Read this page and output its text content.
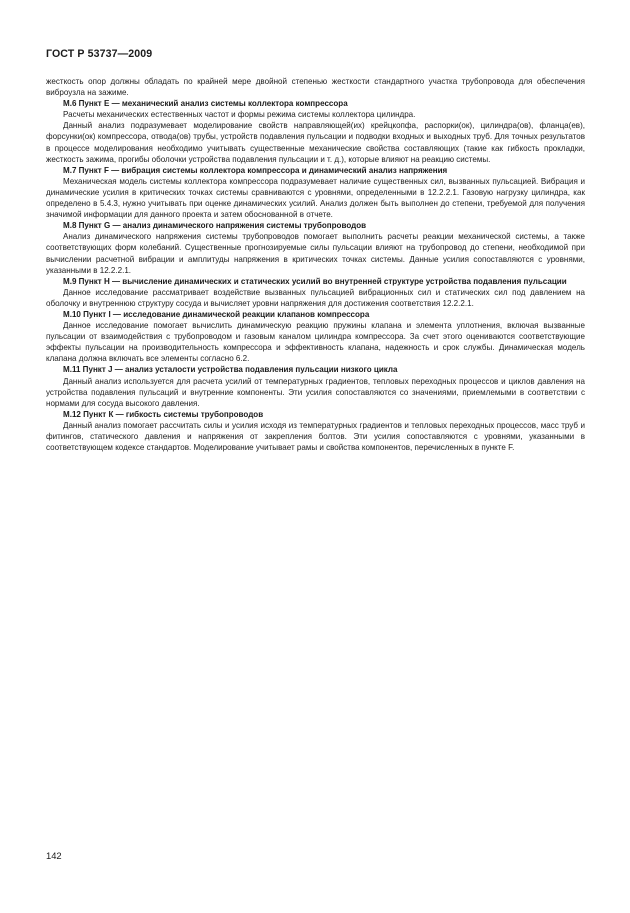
ГОСТ Р 53737—2009

жесткость опор должны обладать по крайней мере двойной степенью жесткости стандартного участка трубопровода для обеспечения виброузла на зажиме.

М.6 Пункт Е — механический анализ системы коллектора компрессора

Расчеты механических естественных частот и формы режима системы коллектора цилиндра.

Данный анализ подразумевает моделирование свойств направляющей(их) крейцкопфа, распорки(ок), цилиндра(ов), фланца(ев), форсунки(ок) компрессора, отвода(ов) трубы, устройств подавления пульсации и подводки входных и выходных труб. Для точных результатов в процессе моделирования необходимо учитывать существенные механические свойства составляющих (такие как гибкость прокладки, жесткость зажима, прогибы оболочки устройства подавления пульсации и т. д.), которые влияют на реакцию системы.

М.7 Пункт F — вибрация системы коллектора компрессора и динамический анализ напряжения

Механическая модель системы коллектора компрессора подразумевает наличие существенных сил, вызванных пульсацией. Вибрация и динамические усилия в критических точках системы сравниваются с уровнями, определенными в 12.2.2.1. Газовую нагрузку цилиндра, как определено в 5.4.3, нужно учитывать при оценке динамических усилий. Анализ должен быть выполнен до степени, требуемой для получения значимой информации для данного проекта и затем обоснованной в отчете.

М.8 Пункт G — анализ динамического напряжения системы трубопроводов

Анализ динамического напряжения системы трубопроводов помогает выполнить расчеты реакции механической системы, а также соответствующих форм колебаний. Существенные прогнозируемые силы пульсации влияют на трубопровод до степени, необходимой при вычислении расчетной вибрации и амплитуды напряжения в критических точках системы. Данные усилия сопоставляются с уровнями, указанными в 12.2.2.1.

М.9 Пункт Н — вычисление динамических и статических усилий во внутренней структуре устройства подавления пульсации

Данное исследование рассматривает воздействие вызванных пульсацией вибрационных сил и статических сил под давлением на оболочку и внутреннюю структуру сосуда и вычисляет уровни напряжения для достижения соответствия 12.2.2.1.

М.10 Пункт I — исследование динамической реакции клапанов компрессора

Данное исследование помогает вычислить динамическую реакцию пружины клапана и элемента уплотнения, включая вызванные пульсации от взаимодействия с трубопроводом и газовым каналом цилиндра компрессора. За счет этого оцениваются соответствующие эффекты пульсации на производительность компрессора и эффективность клапана, надежность и срок службы. Динамическая модель клапана должна включать все элементы согласно 6.2.

М.11 Пункт J — анализ усталости устройства подавления пульсации низкого цикла

Данный анализ используется для расчета усилий от температурных градиентов, тепловых переходных процессов и циклов давления на устройства подавления пульсаций и внутренние компоненты. Эти усилия сопоставляются со значениями, приемлемыми в соответствии с нормами для сосуда высокого давления.

М.12 Пункт К — гибкость системы трубопроводов

Данный анализ помогает рассчитать силы и усилия исходя из температурных градиентов и тепловых переходных процессов, масс труб и фитингов, статического давления и напряжения от закрепления болтов. Эти усилия сопоставляются с уровнями, указанными в соответствующем кодексе стандартов. Моделирование учитывает рамы и свойства компонентов, перечисленных в пункте F.

142
